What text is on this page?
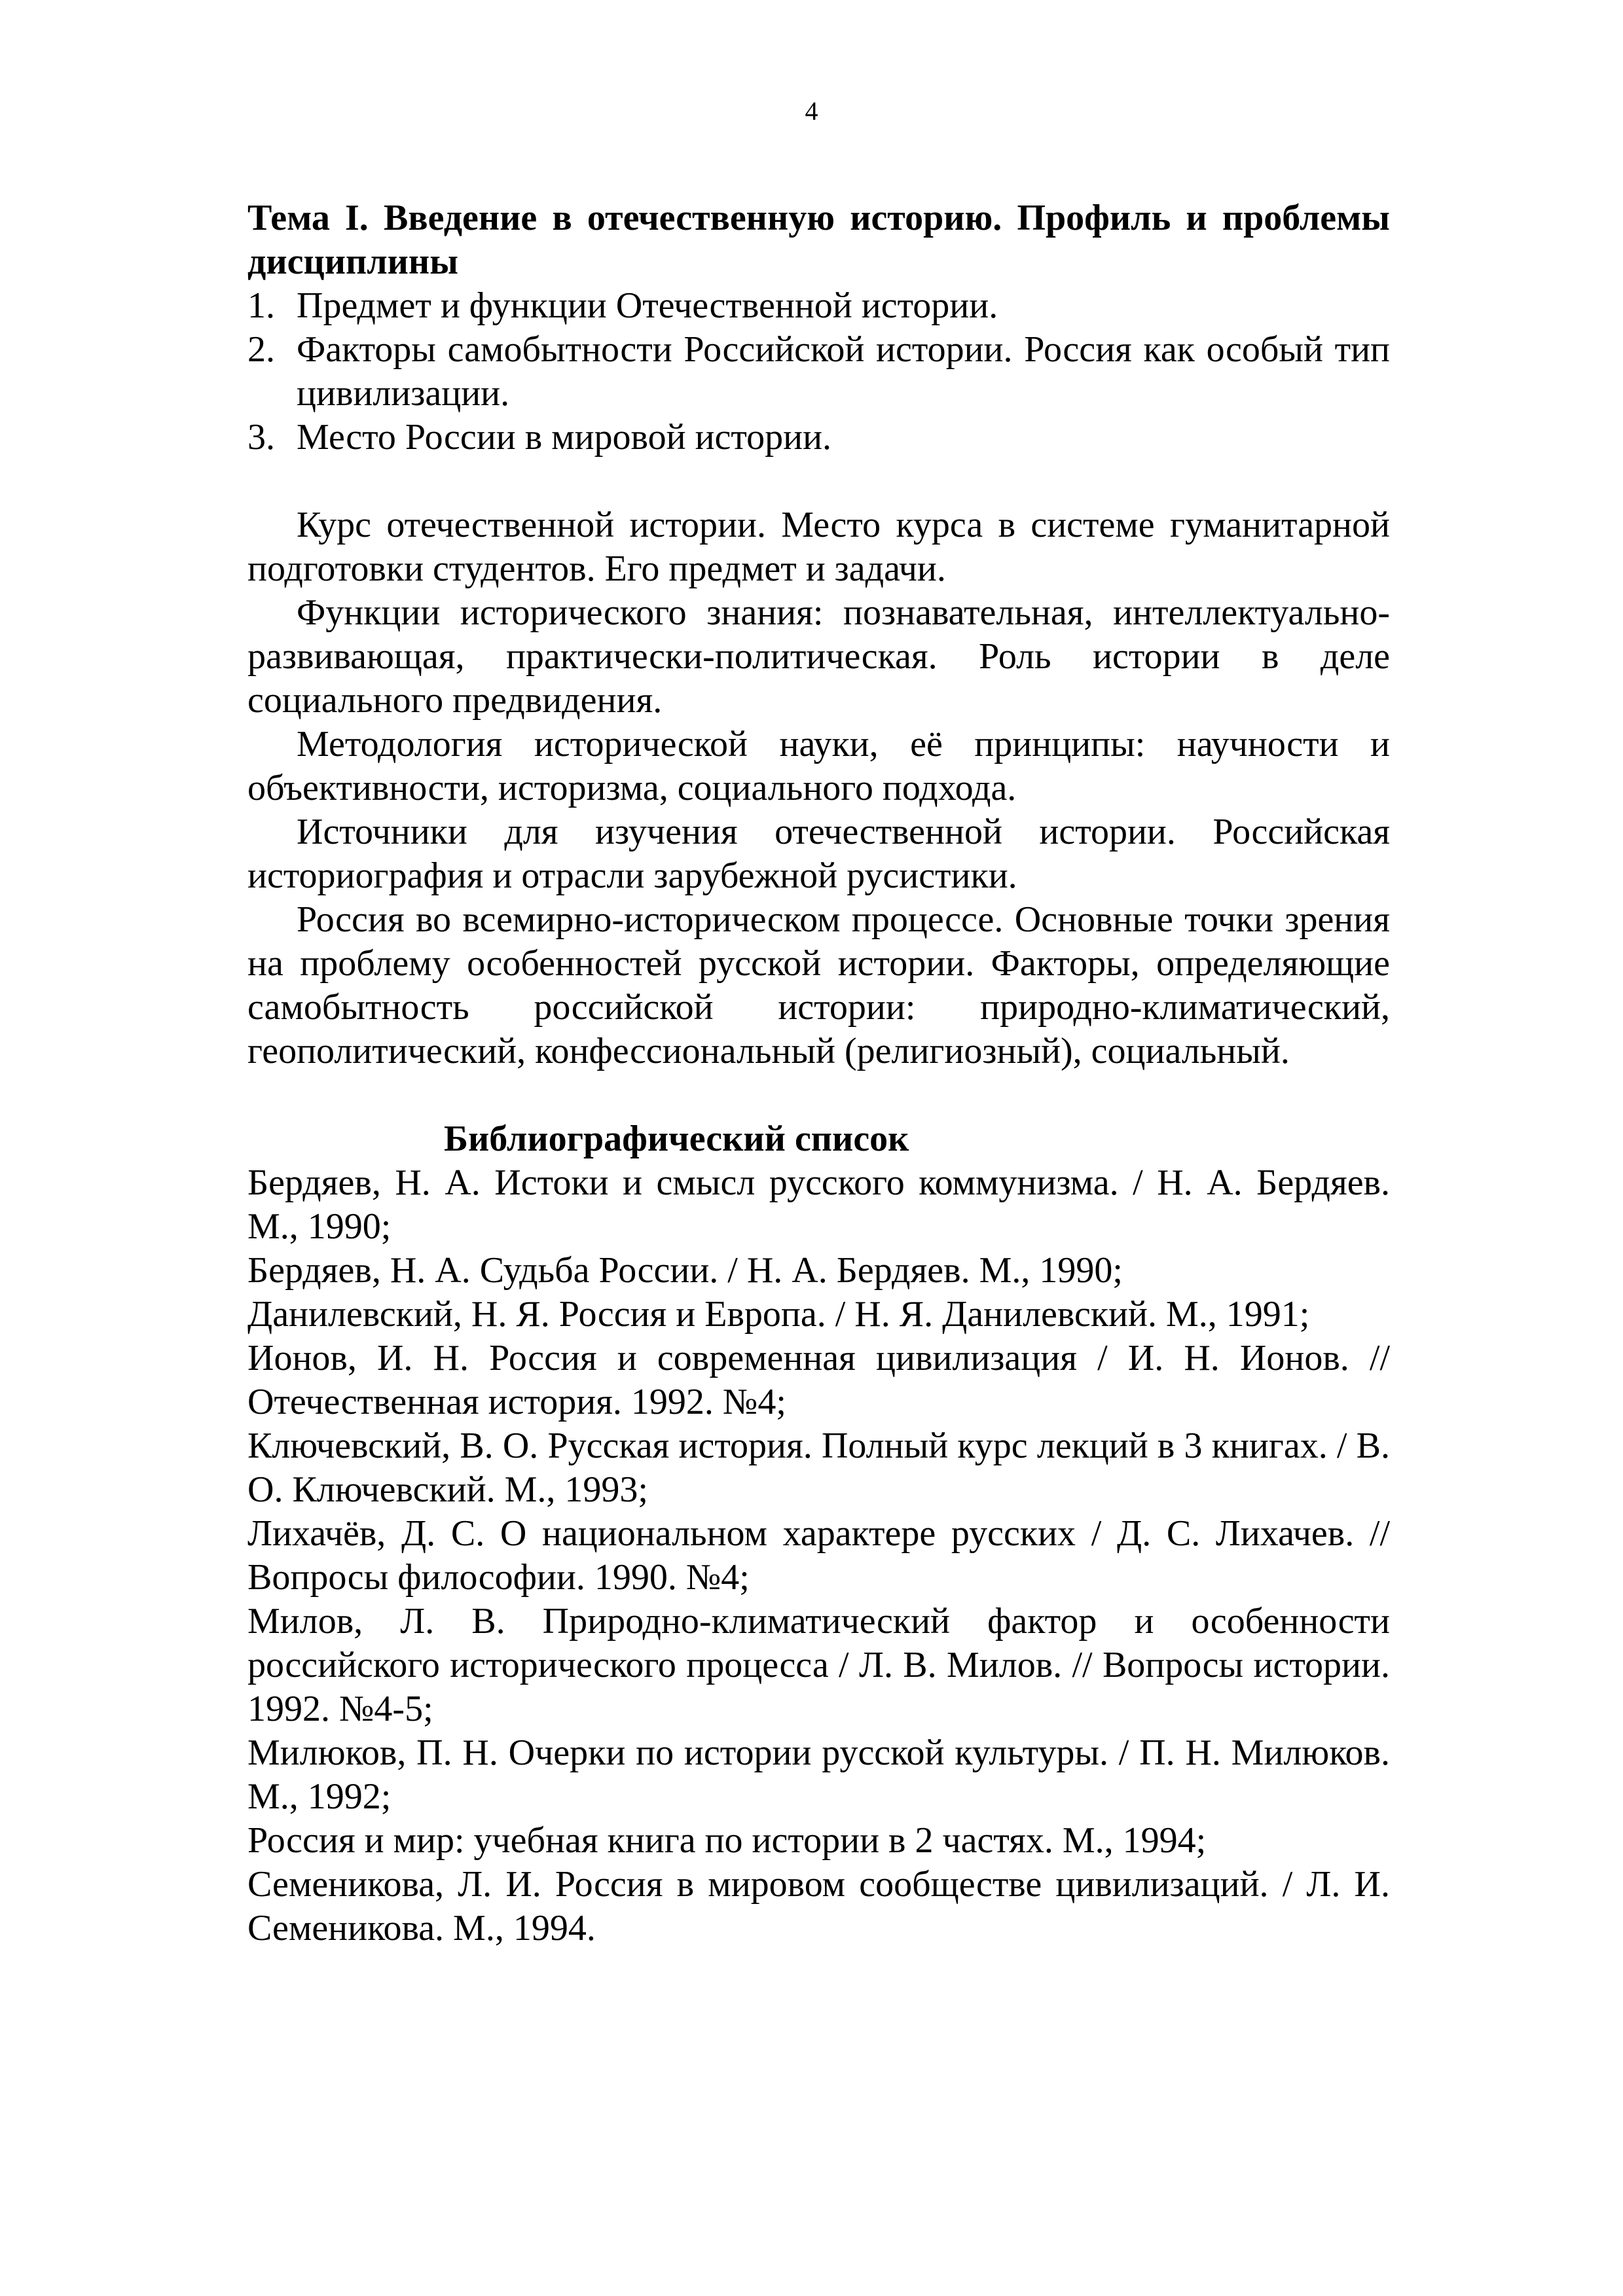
4

Тема I. Введение в отечественную историю. Профиль и проблемы дисциплины

1. Предмет и функции Отечественной истории.
2. Факторы самобытности Российской истории. Россия как особый тип цивилизации.
3. Место России в мировой истории.

Курс отечественной истории. Место курса в системе гуманитарной подготовки студентов. Его предмет и задачи.

Функции исторического знания: познавательная, интеллектуально-развивающая, практически-политическая. Роль истории в деле социального предвидения.

Методология исторической науки, её принципы: научности и объективности, историзма, социального подхода.

Источники для изучения отечественной истории. Российская историография и отрасли зарубежной русистики.

Россия во всемирно-историческом процессе. Основные точки зрения на проблему особенностей русской истории. Факторы, определяющие самобытность российской истории: природно-климатический, геополитический, конфессиональный (религиозный), социальный.

Библиографический список
Бердяев, Н. А. Истоки и смысл русского коммунизма. / Н. А. Бердяев. М., 1990;
Бердяев, Н. А. Судьба России. / Н. А. Бердяев. М., 1990;
Данилевский, Н. Я. Россия и Европа. / Н. Я. Данилевский. М., 1991;
Ионов, И. Н. Россия и современная цивилизация / И. Н. Ионов. // Отечественная история. 1992. №4;
Ключевский, В. О. Русская история. Полный курс лекций в 3 книгах. / В. О. Ключевский. М., 1993;
Лихачёв, Д. С. О национальном характере русских / Д. С. Лихачев. // Вопросы философии. 1990. №4;
Милов, Л. В. Природно-климатический фактор и особенности российского исторического процесса / Л. В. Милов. // Вопросы истории. 1992. №4-5;
Милюков, П. Н. Очерки по истории русской культуры. / П. Н. Милюков. М., 1992;
Россия и мир: учебная книга по истории в 2 частях. М., 1994;
Семеникова, Л. И. Россия в мировом сообществе цивилизаций. / Л. И. Семеникова. М., 1994.
